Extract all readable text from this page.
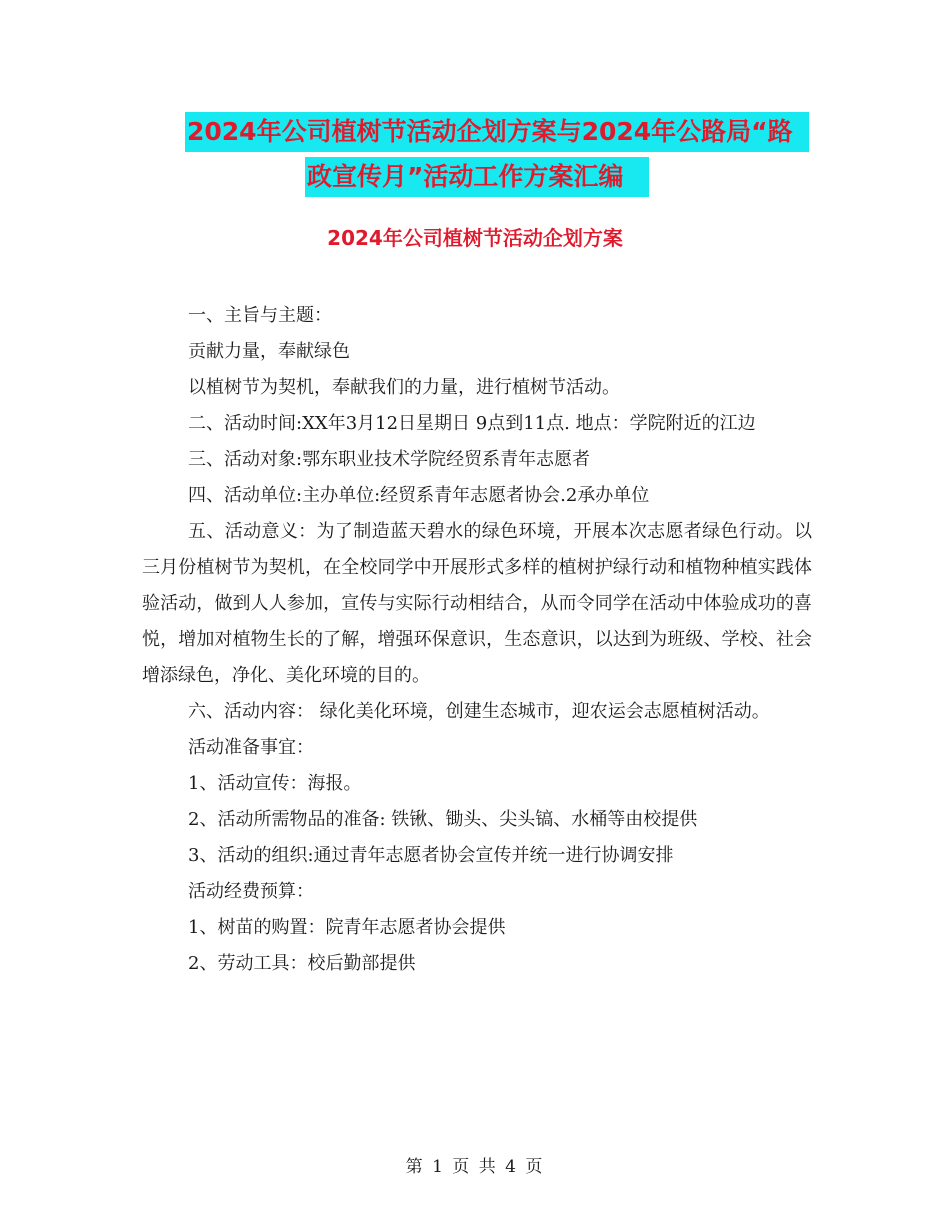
2024年公司植树节活动企划方案与2024年公路局“路
政宣传月”活动工作方案汇编
2024年公司植树节活动企划方案

一、主旨与主题：

贡献力量，奉献绿色

以植树节为契机，奉献我们的力量，进行植树节活动。

二、活动时间:XX年3月12日星期日 9点到11点. 地点：学院附近的江边

三、活动对象:鄂东职业技术学院经贸系青年志愿者

四、活动单位:主办单位:经贸系青年志愿者协会.2承办单位

五、活动意义：为了制造蓝天碧水的绿色环境，开展本次志愿者绿色行动。以三月份植树节为契机，在全校同学中开展形式多样的植树护绿行动和植物种植实践体验活动，做到人人参加，宣传与实际行动相结合，从而令同学在活动中体验成功的喜悦，增加对植物生长的了解，增强环保意识，生态意识，以达到为班级、学校、社会增添绿色，净化、美化环境的目的。

六、活动内容： 绿化美化环境，创建生态城市，迎农运会志愿植树活动。

活动准备事宜：

1、活动宣传：海报。

2、活动所需物品的准备: 铁锹、锄头、尖头镐、水桶等由校提供

3、活动的组织:通过青年志愿者协会宣传并统一进行协调安排

活动经费预算：

1、树苗的购置：院青年志愿者协会提供

2、劳动工具：校后勤部提供

第 1 页 共 4 页
